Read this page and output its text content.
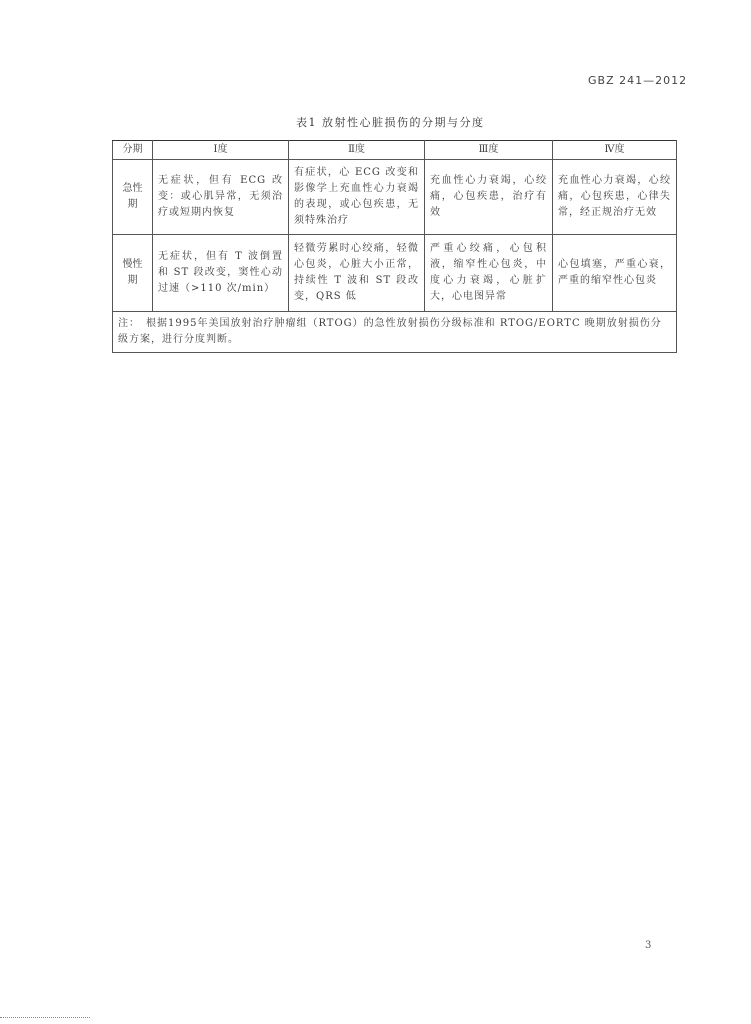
GBZ 241—2012
表1 放射性心脏损伤的分期与分度
分期	Ⅰ度	Ⅱ度	Ⅲ度	Ⅳ度
急性期	无症状，但有 ECG 改变：或心肌异常，无须治疗或短期内恢复	有症状，心 ECG 改变和影像学上充血性心力衰竭的表现，或心包疾患，无须特殊治疗	充血性心力衰竭，心绞痛，心包疾患，治疗有效	充血性心力衰竭，心绞痛，心包疾患，心律失常，经正规治疗无效
慢性期	无症状，但有 T 波倒置和 ST 段改变，窦性心动过速（>110 次/min）	轻微劳累时心绞痛，轻微心包炎，心脏大小正常，持续性 T 波和 ST 段改变，QRS 低	严重心绞痛，心包积液，缩窄性心包炎，中度心力衰竭，心脏扩大，心电图异常	心包填塞，严重心衰，严重的缩窄性心包炎
注： 根据1995年美国放射治疗肿瘤组（RTOG）的急性放射损伤分级标准和 RTOG/EORTC 晚期放射损伤分级方案，进行分度判断。				
3
